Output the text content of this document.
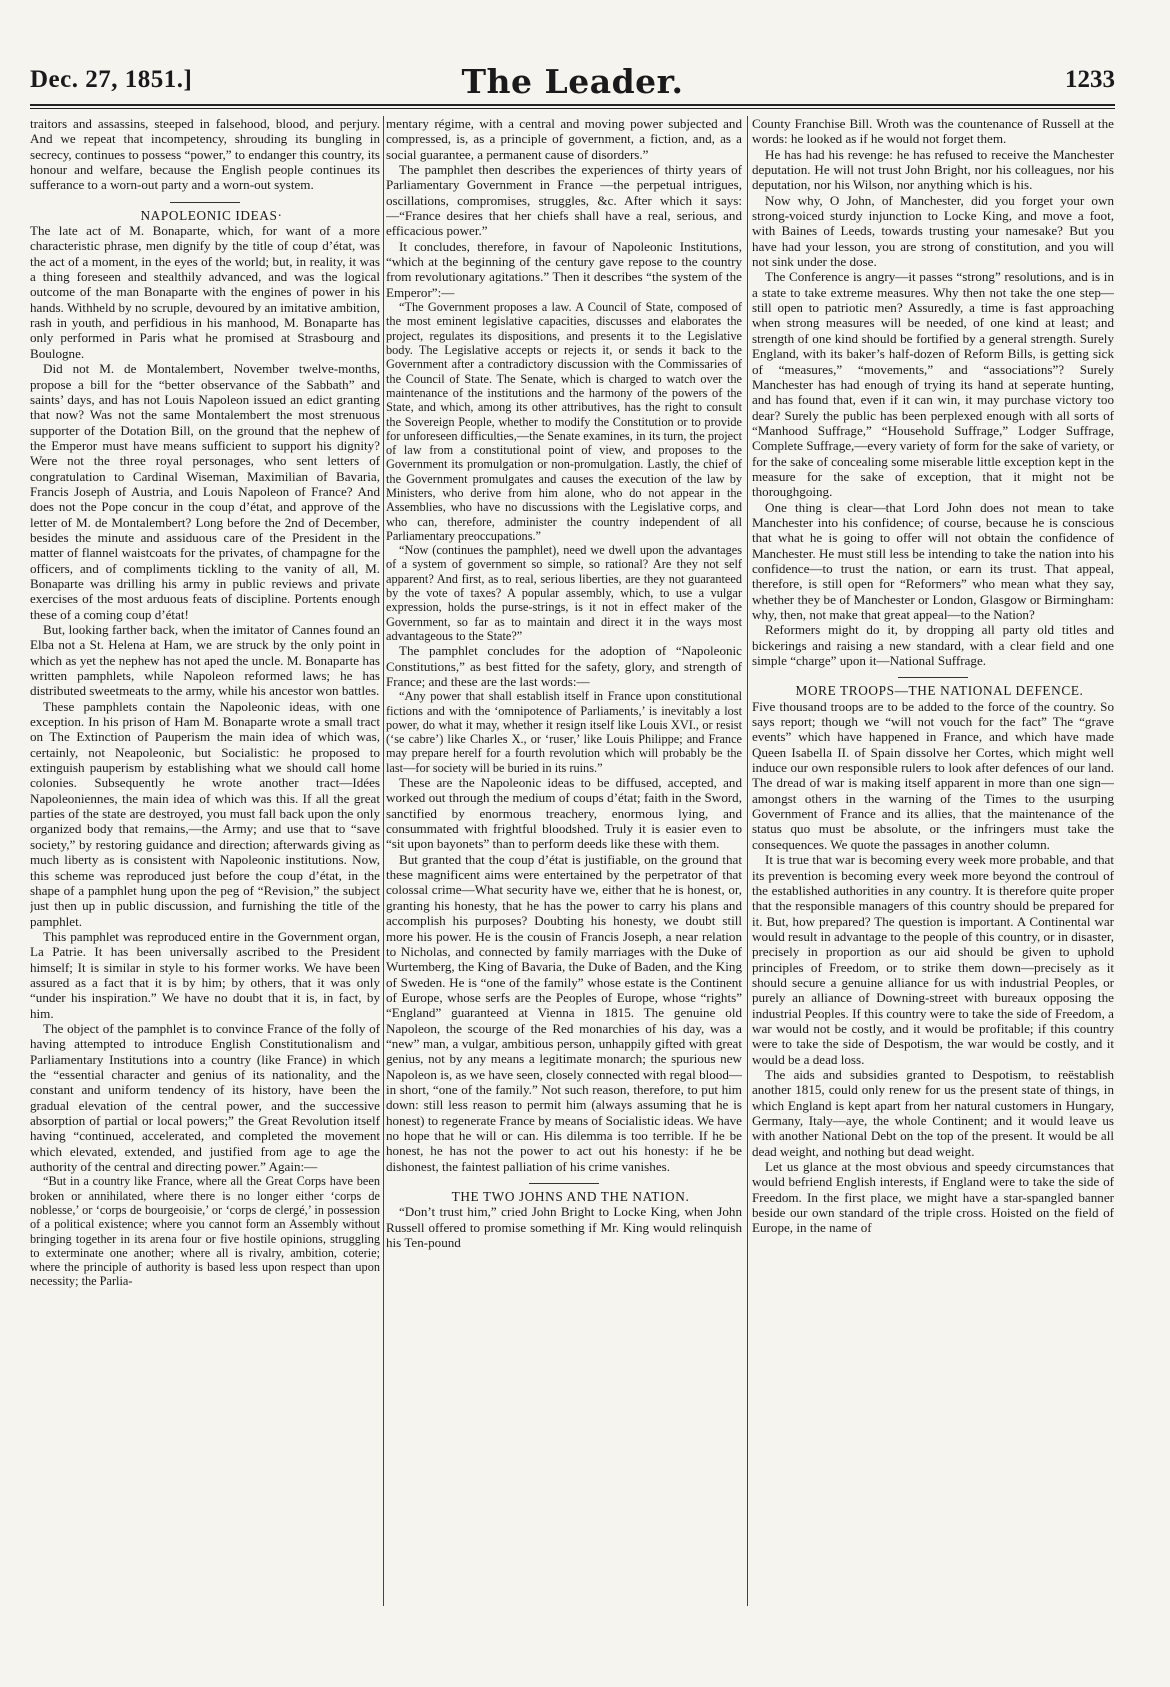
Dec. 27, 1851.]	The Leader.	1233

traitors and assassins, steeped in falsehood, blood, and perjury. And we repeat that incompetency, shrouding its bungling in secrecy, continues to possess “power,” to endanger this country, its honour and welfare, because the English people continues its sufferance to a worn-out party and a worn-out system.

NAPOLEONIC IDEAS·

The late act of M. Bonaparte, which, for want of a more characteristic phrase, men dignify by the title of coup d’état, was the act of a moment, in the eyes of the world; but, in reality, it was a thing foreseen and stealthily advanced, and was the logical outcome of the man Bonaparte with the engines of power in his hands. Withheld by no scruple, devoured by an imitative ambition, rash in youth, and perfidious in his manhood, M. Bonaparte has only performed in Paris what he promised at Strasbourg and Boulogne.

Did not M. de Montalembert, November twelve-months, propose a bill for the “better observance of the Sabbath” and saints’ days, and has not Louis Napoleon issued an edict granting that now? Was not the same Montalembert the most strenuous supporter of the Dotation Bill, on the ground that the nephew of the Emperor must have means sufficient to support his dignity? Were not the three royal personages, who sent letters of congratulation to Cardinal Wiseman, Maximilian of Bavaria, Francis Joseph of Austria, and Louis Napoleon of France? And does not the Pope concur in the coup d’état, and approve of the letter of M. de Montalembert? Long before the 2nd of December, besides the minute and assiduous care of the President in the matter of flannel waistcoats for the privates, of champagne for the officers, and of compliments tickling to the vanity of all, M. Bonaparte was drilling his army in public reviews and private exercises of the most arduous feats of discipline. Portents enough these of a coming coup d’état!

But, looking farther back, when the imitator of Cannes found an Elba not a St. Helena at Ham, we are struck by the only point in which as yet the nephew has not aped the uncle. M. Bonaparte has written pamphlets, while Napoleon reformed laws; he has distributed sweetmeats to the army, while his ancestor won battles.

These pamphlets contain the Napoleonic ideas, with one exception. In his prison of Ham M. Bonaparte wrote a small tract on The Extinction of Pauperism the main idea of which was, certainly, not Neapoleonic, but Socialistic: he proposed to extinguish pauperism by establishing what we should call home colonies. Subsequently he wrote another tract—Idées Napoleoniennes, the main idea of which was this. If all the great parties of the state are destroyed, you must fall back upon the only organized body that remains,—the Army; and use that to “save society,” by restoring guidance and direction; afterwards giving as much liberty as is consistent with Napoleonic institutions. Now, this scheme was reproduced just before the coup d’état, in the shape of a pamphlet hung upon the peg of “Revision,” the subject just then up in public discussion, and furnishing the title of the pamphlet.

This pamphlet was reproduced entire in the Government organ, La Patrie. It has been universally ascribed to the President himself; It is similar in style to his former works. We have been assured as a fact that it is by him; by others, that it was only “under his inspiration.” We have no doubt that it is, in fact, by him.

The object of the pamphlet is to convince France of the folly of having attempted to introduce English Constitutionalism and Parliamentary Institutions into a country (like France) in which the “essential character and genius of its nationality, and the constant and uniform tendency of its history, have been the gradual elevation of the central power, and the successive absorption of partial or local powers;” the Great Revolution itself having “continued, accelerated, and completed the movement which elevated, extended, and justified from age to age the authority of the central and directing power.” Again:—

“But in a country like France, where all the Great Corps have been broken or annihilated, where there is no longer either ‘corps de noblesse,’ or ‘corps de bourgeoisie,’ or ‘corps de clergé,’ in possession of a political existence; where you cannot form an Assembly without bringing together in its arena four or five hostile opinions, struggling to exterminate one another; where all is rivalry, ambition, coterie; where the principle of authority is based less upon respect than upon necessity; the Parlia-

mentary régime, with a central and moving power subjected and compressed, is, as a principle of government, a fiction, and, as a social guarantee, a permanent cause of disorders.”

The pamphlet then describes the experiences of thirty years of Parliamentary Government in France —the perpetual intrigues, oscillations, compromises, struggles, &c. After which it says:—“France desires that her chiefs shall have a real, serious, and efficacious power.”

It concludes, therefore, in favour of Napoleonic Institutions, “which at the beginning of the century gave repose to the country from revolutionary agitations.” Then it describes “the system of the Emperor”:—

“The Government proposes a law. A Council of State, composed of the most eminent legislative capacities, discusses and elaborates the project, regulates its dispositions, and presents it to the Legislative body. The Legislative accepts or rejects it, or sends it back to the Government after a contradictory discussion with the Commissaries of the Council of State. The Senate, which is charged to watch over the maintenance of the institutions and the harmony of the powers of the State, and which, among its other attributives, has the right to consult the Sovereign People, whether to modify the Constitution or to provide for unforeseen difficulties,—the Senate examines, in its turn, the project of law from a constitutional point of view, and proposes to the Government its promulgation or non-promulgation. Lastly, the chief of the Government promulgates and causes the execution of the law by Ministers, who derive from him alone, who do not appear in the Assemblies, who have no discussions with the Legislative corps, and who can, therefore, administer the country independent of all Parliamentary preoccupations.”

“Now (continues the pamphlet), need we dwell upon the advantages of a system of government so simple, so rational? Are they not self apparent? And first, as to real, serious liberties, are they not guaranteed by the vote of taxes? A popular assembly, which, to use a vulgar expression, holds the purse-strings, is it not in effect maker of the Government, so far as to maintain and direct it in the ways most advantageous to the State?”

The pamphlet concludes for the adoption of “Napoleonic Constitutions,” as best fitted for the safety, glory, and strength of France; and these are the last words:—

“Any power that shall establish itself in France upon constitutional fictions and with the ‘omnipotence of Parliaments,’ is inevitably a lost power, do what it may, whether it resign itself like Louis XVI., or resist (‘se cabre’) like Charles X., or ‘ruser,’ like Louis Philippe; and France may prepare herelf for a fourth revolution which will probably be the last—for society will be buried in its ruins.”

These are the Napoleonic ideas to be diffused, accepted, and worked out through the medium of coups d’état; faith in the Sword, sanctified by enormous treachery, enormous lying, and consummated with frightful bloodshed. Truly it is easier even to “sit upon bayonets” than to perform deeds like these with them.

But granted that the coup d’état is justifiable, on the ground that these magnificent aims were entertained by the perpetrator of that colossal crime—What security have we, either that he is honest, or, granting his honesty, that he has the power to carry his plans and accomplish his purposes? Doubting his honesty, we doubt still more his power. He is the cousin of Francis Joseph, a near relation to Nicholas, and connected by family marriages with the Duke of Wurtemberg, the King of Bavaria, the Duke of Baden, and the King of Sweden. He is “one of the family” whose estate is the Continent of Europe, whose serfs are the Peoples of Europe, whose “rights” “England” guaranteed at Vienna in 1815. The genuine old Napoleon, the scourge of the Red monarchies of his day, was a “new” man, a vulgar, ambitious person, unhappily gifted with great genius, not by any means a legitimate monarch; the spurious new Napoleon is, as we have seen, closely connected with regal blood—in short, “one of the family.” Not such reason, therefore, to put him down: still less reason to permit him (always assuming that he is honest) to regenerate France by means of Socialistic ideas. We have no hope that he will or can. His dilemma is too terrible. If he be honest, he has not the power to act out his honesty: if he be dishonest, the faintest palliation of his crime vanishes.

THE TWO JOHNS AND THE NATION.

“Don’t trust him,” cried John Bright to Locke King, when John Russell offered to promise something if Mr. King would relinquish his Ten-pound

County Franchise Bill. Wroth was the countenance of Russell at the words: he looked as if he would not forget them.

He has had his revenge: he has refused to receive the Manchester deputation. He will not trust John Bright, nor his colleagues, nor his deputation, nor his Wilson, nor anything which is his.

Now why, O John, of Manchester, did you forget your own strong-voiced sturdy injunction to Locke King, and move a foot, with Baines of Leeds, towards trusting your namesake? But you have had your lesson, you are strong of constitution, and you will not sink under the dose.

The Conference is angry—it passes “strong” resolutions, and is in a state to take extreme measures. Why then not take the one step—still open to patriotic men? Assuredly, a time is fast approaching when strong measures will be needed, of one kind at least; and strength of one kind should be fortified by a general strength. Surely England, with its baker’s half-dozen of Reform Bills, is getting sick of “measures,” “movements,” and “associations”? Surely Manchester has had enough of trying its hand at seperate hunting, and has found that, even if it can win, it may purchase victory too dear? Surely the public has been perplexed enough with all sorts of “Manhood Suffrage,” “Household Suffrage,” Lodger Suffrage, Complete Suffrage,—every variety of form for the sake of variety, or for the sake of concealing some miserable little exception kept in the measure for the sake of exception, that it might not be thoroughgoing.

One thing is clear—that Lord John does not mean to take Manchester into his confidence; of course, because he is conscious that what he is going to offer will not obtain the confidence of Manchester. He must still less be intending to take the nation into his confidence—to trust the nation, or earn its trust. That appeal, therefore, is still open for “Reformers” who mean what they say, whether they be of Manchester or London, Glasgow or Birmingham: why, then, not make that great appeal—to the Nation?

Reformers might do it, by dropping all party old titles and bickerings and raising a new standard, with a clear field and one simple “charge” upon it—National Suffrage.

MORE TROOPS—THE NATIONAL DEFENCE.

Five thousand troops are to be added to the force of the country. So says report; though we “will not vouch for the fact” The “grave events” which have happened in France, and which have made Queen Isabella II. of Spain dissolve her Cortes, which might well induce our own responsible rulers to look after defences of our land. The dread of war is making itself apparent in more than one sign—amongst others in the warning of the Times to the usurping Government of France and its allies, that the maintenance of the status quo must be absolute, or the infringers must take the consequences. We quote the passages in another column.

It is true that war is becoming every week more probable, and that its prevention is becoming every week more beyond the controul of the established authorities in any country. It is therefore quite proper that the responsible managers of this country should be prepared for it. But, how prepared? The question is important. A Continental war would result in advantage to the people of this country, or in disaster, precisely in proportion as our aid should be given to uphold principles of Freedom, or to strike them down—precisely as it should secure a genuine alliance for us with industrial Peoples, or purely an alliance of Downing-street with bureaux opposing the industrial Peoples. If this country were to take the side of Freedom, a war would not be costly, and it would be profitable; if this country were to take the side of Despotism, the war would be costly, and it would be a dead loss.

The aids and subsidies granted to Despotism, to reëstablish another 1815, could only renew for us the present state of things, in which England is kept apart from her natural customers in Hungary, Germany, Italy—aye, the whole Continent; and it would leave us with another National Debt on the top of the present. It would be all dead weight, and nothing but dead weight.

Let us glance at the most obvious and speedy circumstances that would befriend English interests, if England were to take the side of Freedom. In the first place, we might have a star-spangled banner beside our own standard of the triple cross. Hoisted on the field of Europe, in the name of
